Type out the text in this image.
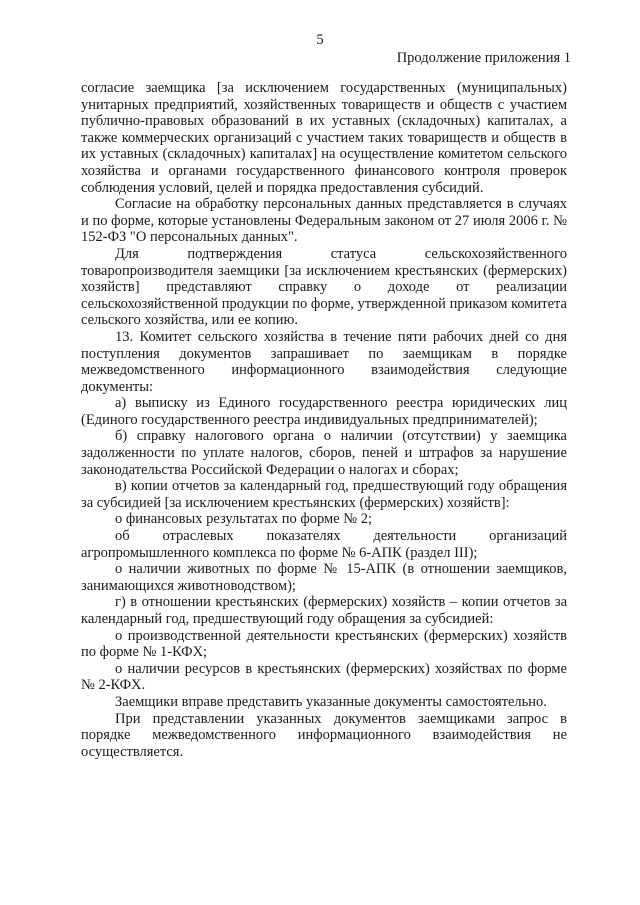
5
Продолжение приложения 1

согласие заемщика [за исключением государственных (муниципальных) унитарных предприятий, хозяйственных товариществ и обществ с участием публично-правовых образований в их уставных (складочных) капиталах, а также коммерческих организаций с участием таких товариществ и обществ в их уставных (складочных) капиталах] на осуществление комитетом сельского хозяйства и органами государственного финансового контроля проверок соблюдения условий, целей и порядка предоставления субсидий.

Согласие на обработку персональных данных представляется в случаях и по форме, которые установлены Федеральным законом от 27 июля 2006 г. № 152-ФЗ "О персональных данных".

Для подтверждения статуса сельскохозяйственного товаропроизводителя заемщики [за исключением крестьянских (фермерских) хозяйств] представляют справку о доходе от реализации сельскохозяйственной продукции по форме, утвержденной приказом комитета сельского хозяйства, или ее копию.

13. Комитет сельского хозяйства в течение пяти рабочих дней со дня поступления документов запрашивает по заемщикам в порядке межведомственного информационного взаимодействия следующие документы:

а) выписку из Единого государственного реестра юридических лиц (Единого государственного реестра индивидуальных предпринимателей);

б) справку налогового органа о наличии (отсутствии) у заемщика задолженности по уплате налогов, сборов, пеней и штрафов за нарушение законодательства Российской Федерации о налогах и сборах;

в) копии отчетов за календарный год, предшествующий году обращения за субсидией [за исключением крестьянских (фермерских) хозяйств]:

о финансовых результатах по форме № 2;

об отраслевых показателях деятельности организаций агропромышленного комплекса по форме № 6-АПК (раздел III);

о наличии животных по форме № 15-АПК (в отношении заемщиков, занимающихся животноводством);

г) в отношении крестьянских (фермерских) хозяйств – копии отчетов за календарный год, предшествующий году обращения за субсидией:

о производственной деятельности крестьянских (фермерских) хозяйств по форме № 1-КФХ;

о наличии ресурсов в крестьянских (фермерских) хозяйствах по форме № 2-КФХ.

Заемщики вправе представить указанные документы самостоятельно.

При представлении указанных документов заемщиками запрос в порядке межведомственного информационного взаимодействия не осуществляется.
